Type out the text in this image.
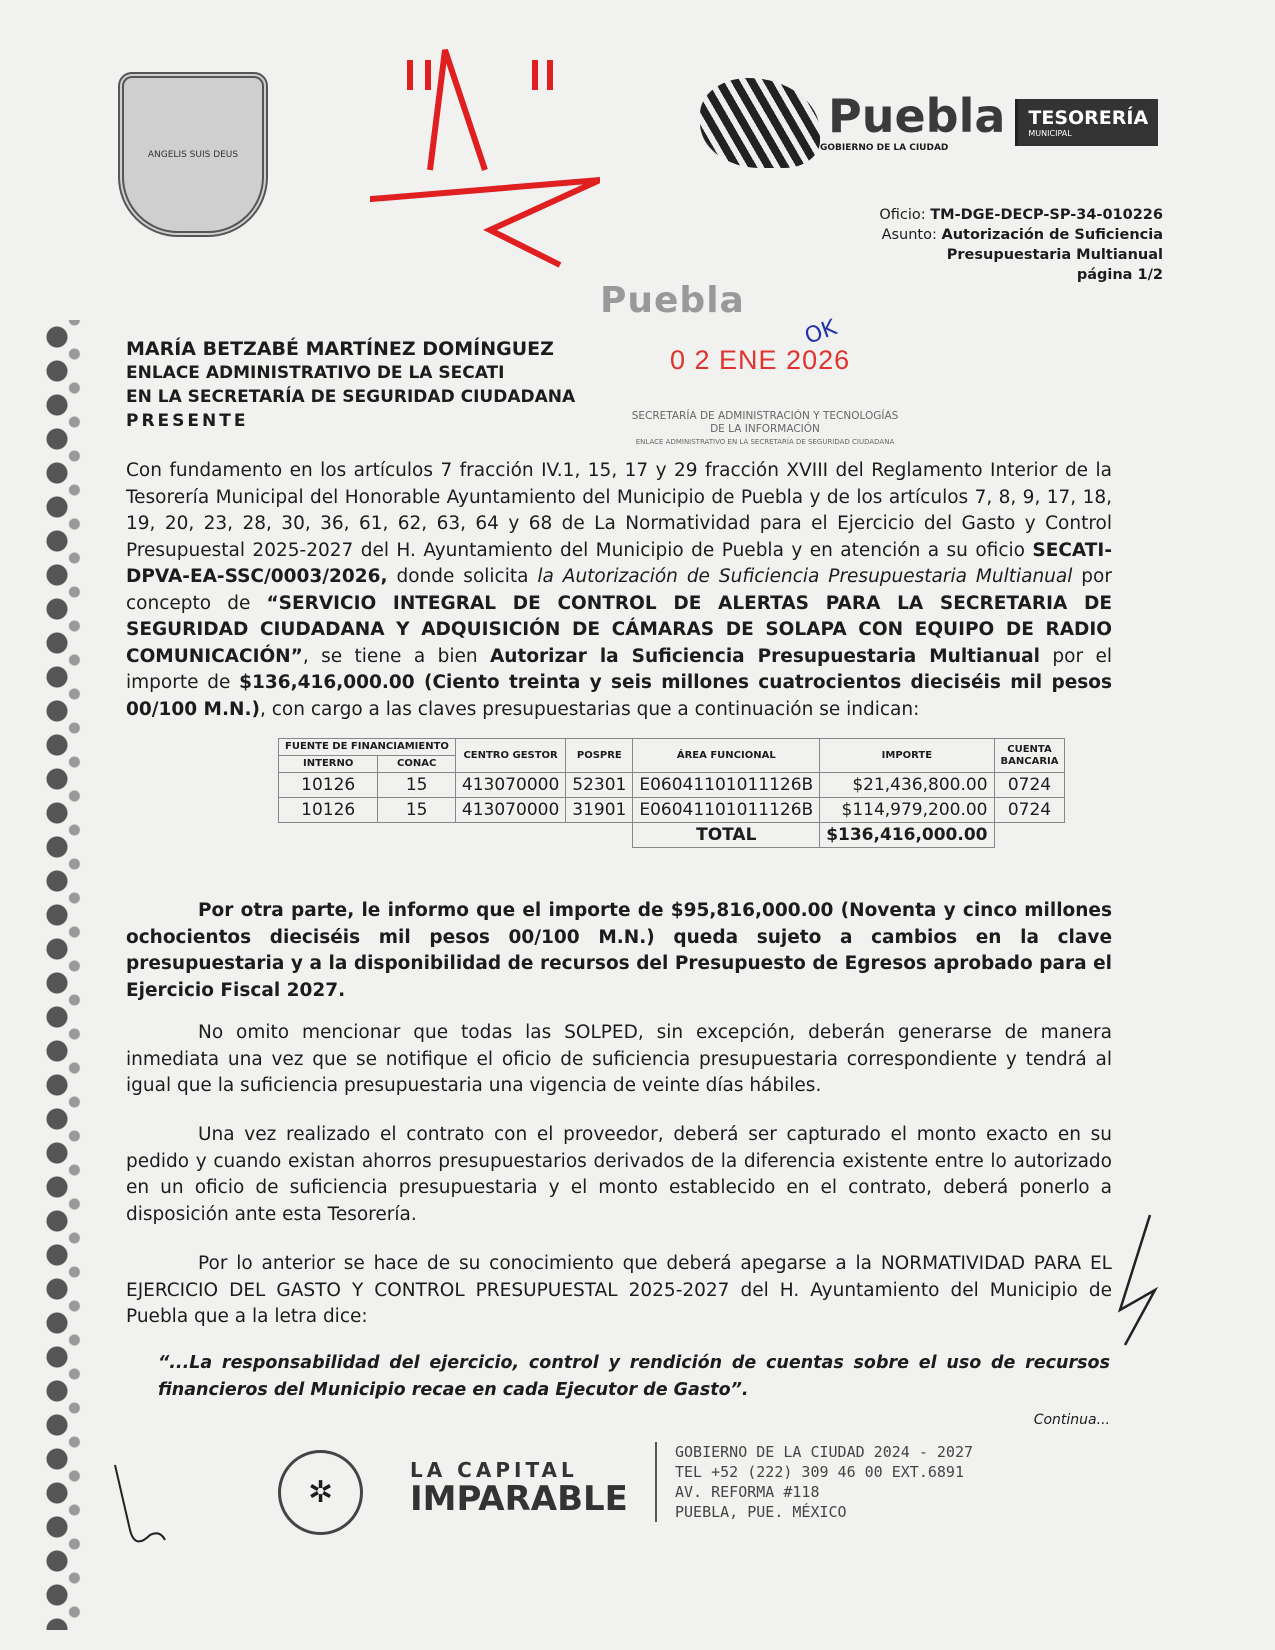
ANGELIS SUIS DEUS
Puebla
GOBIERNO DE LA CIUDAD
TESORERÍA
MUNICIPAL
Oficio: TM-DGE-DECP-SP-34-010226
Asunto: Autorización de Suficiencia
Presupuestaria Multianual
página 1/2
Puebla
0 2 ENE 2026
OK
SECRETARÍA DE ADMINISTRACIÓN Y TECNOLOGÍAS
DE LA INFORMACIÓN
ENLACE ADMINISTRATIVO EN LA SECRETARÍA DE SEGURIDAD CIUDADANA
MARÍA BETZABÉ MARTÍNEZ DOMÍNGUEZ
ENLACE ADMINISTRATIVO DE LA SECATI
EN LA SECRETARÍA DE SEGURIDAD CIUDADANA
PRESENTE
Con fundamento en los artículos 7 fracción IV.1, 15, 17 y 29 fracción XVIII del Reglamento Interior de la Tesorería Municipal del Honorable Ayuntamiento del Municipio de Puebla y de los artículos 7, 8, 9, 17, 18, 19, 20, 23, 28, 30, 36, 61, 62, 63, 64 y 68 de La Normatividad para el Ejercicio del Gasto y Control Presupuestal 2025-2027 del H. Ayuntamiento del Municipio de Puebla y en atención a su oficio SECATI-DPVA-EA-SSC/0003/2026, donde solicita la Autorización de Suficiencia Presupuestaria Multianual por concepto de “SERVICIO INTEGRAL DE CONTROL DE ALERTAS PARA LA SECRETARIA DE SEGURIDAD CIUDADANA Y ADQUISICIÓN DE CÁMARAS DE SOLAPA CON EQUIPO DE RADIO COMUNICACIÓN”, se tiene a bien Autorizar la Suficiencia Presupuestaria Multianual por el importe de $136,416,000.00 (Ciento treinta y seis millones cuatrocientos dieciséis mil pesos 00/100 M.N.), con cargo a las claves presupuestarias que a continuación se indican:
FUENTE DE FINANCIAMIENTO		CENTRO GESTOR	POSPRE	ÁREA FUNCIONAL	IMPORTE	CUENTA BANCARIA
INTERNO	CONAC					
10126	15	413070000	52301	E06041101011126B	$21,436,800.00	0724
10126	15	413070000	31901	E06041101011126B	$114,979,200.00	0724
				TOTAL	$136,416,000.00	
Por otra parte, le informo que el importe de $95,816,000.00 (Noventa y cinco millones ochocientos dieciséis mil pesos 00/100 M.N.) queda sujeto a cambios en la clave presupuestaria y a la disponibilidad de recursos del Presupuesto de Egresos aprobado para el Ejercicio Fiscal 2027.
No omito mencionar que todas las SOLPED, sin excepción, deberán generarse de manera inmediata una vez que se notifique el oficio de suficiencia presupuestaria correspondiente y tendrá al igual que la suficiencia presupuestaria una vigencia de veinte días hábiles.
Una vez realizado el contrato con el proveedor, deberá ser capturado el monto exacto en su pedido y cuando existan ahorros presupuestarios derivados de la diferencia existente entre lo autorizado en un oficio de suficiencia presupuestaria y el monto establecido en el contrato, deberá ponerlo a disposición ante esta Tesorería.
Por lo anterior se hace de su conocimiento que deberá apegarse a la NORMATIVIDAD PARA EL EJERCICIO DEL GASTO Y CONTROL PRESUPUESTAL 2025-2027 del H. Ayuntamiento del Municipio de Puebla que a la letra dice:
“...La responsabilidad del ejercicio, control y rendición de cuentas sobre el uso de recursos financieros del Municipio recae en cada Ejecutor de Gasto”.
Continua...
✲
LA CAPITAL
IMPARABLE
GOBIERNO DE LA CIUDAD 2024 - 2027
TEL +52 (222) 309 46 00 EXT.6891
AV. REFORMA #118
PUEBLA, PUE. MÉXICO
